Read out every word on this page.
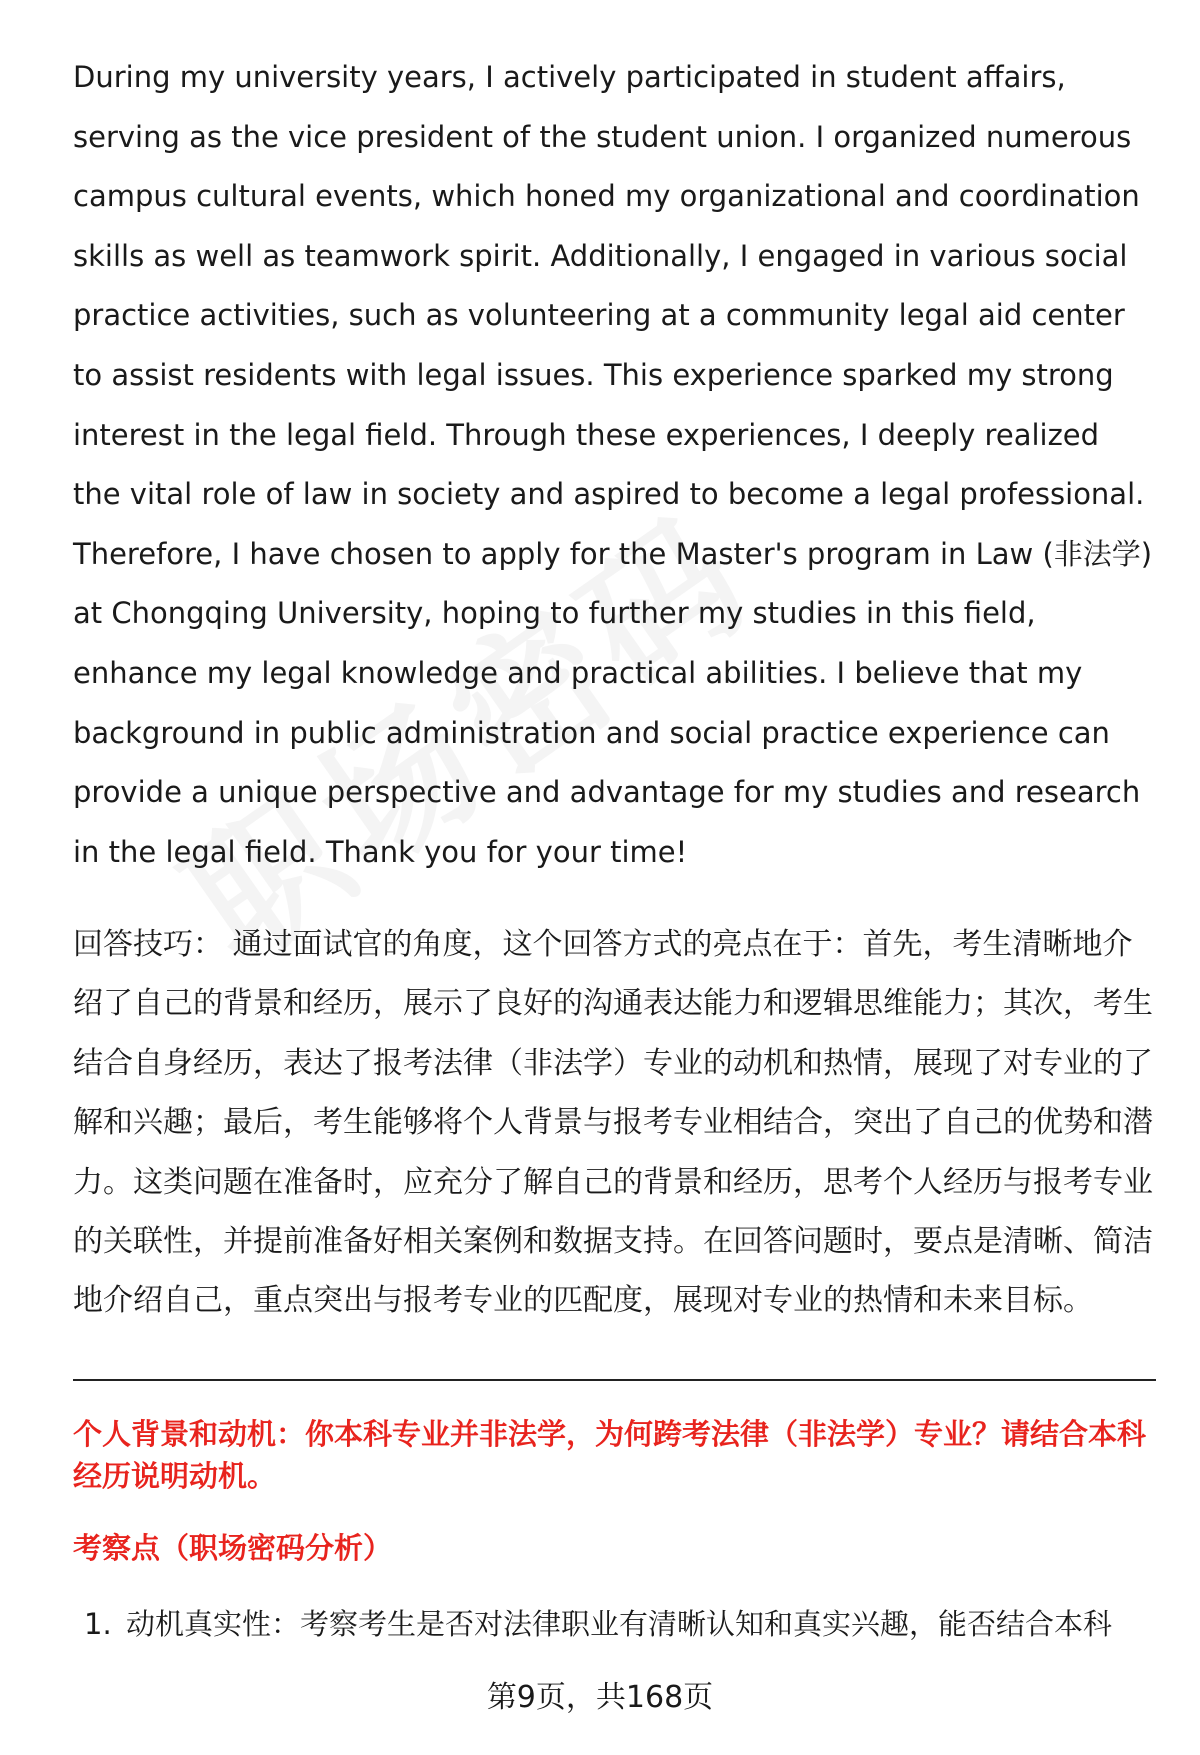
During my university years, I actively participated in student affairs, serving as the vice president of the student union. I organized numerous campus cultural events, which honed my organizational and coordination skills as well as teamwork spirit. Additionally, I engaged in various social practice activities, such as volunteering at a community legal aid center to assist residents with legal issues. This experience sparked my strong interest in the legal field. Through these experiences, I deeply realized the vital role of law in society and aspired to become a legal professional. Therefore, I have chosen to apply for the Master's program in Law (非法学) at Chongqing University, hoping to further my studies in this field, enhance my legal knowledge and practical abilities. I believe that my background in public administration and social practice experience can provide a unique perspective and advantage for my studies and research in the legal field. Thank you for your time!

回答技巧： 通过面试官的角度，这个回答方式的亮点在于：首先，考生清晰地介绍了自己的背景和经历，展示了良好的沟通表达能力和逻辑思维能力；其次，考生结合自身经历，表达了报考法律（非法学）专业的动机和热情，展现了对专业的了解和兴趣；最后，考生能够将个人背景与报考专业相结合，突出了自己的优势和潜力。这类问题在准备时，应充分了解自己的背景和经历，思考个人经历与报考专业的关联性，并提前准备好相关案例和数据支持。在回答问题时，要点是清晰、简洁地介绍自己，重点突出与报考专业的匹配度，展现对专业的热情和未来目标。
个人背景和动机：你本科专业并非法学，为何跨考法律（非法学）专业？请结合本科经历说明动机。
考察点（职场密码分析）
1. 动机真实性：考察考生是否对法律职业有清晰认知和真实兴趣，能否结合本科
第9页，共168页
